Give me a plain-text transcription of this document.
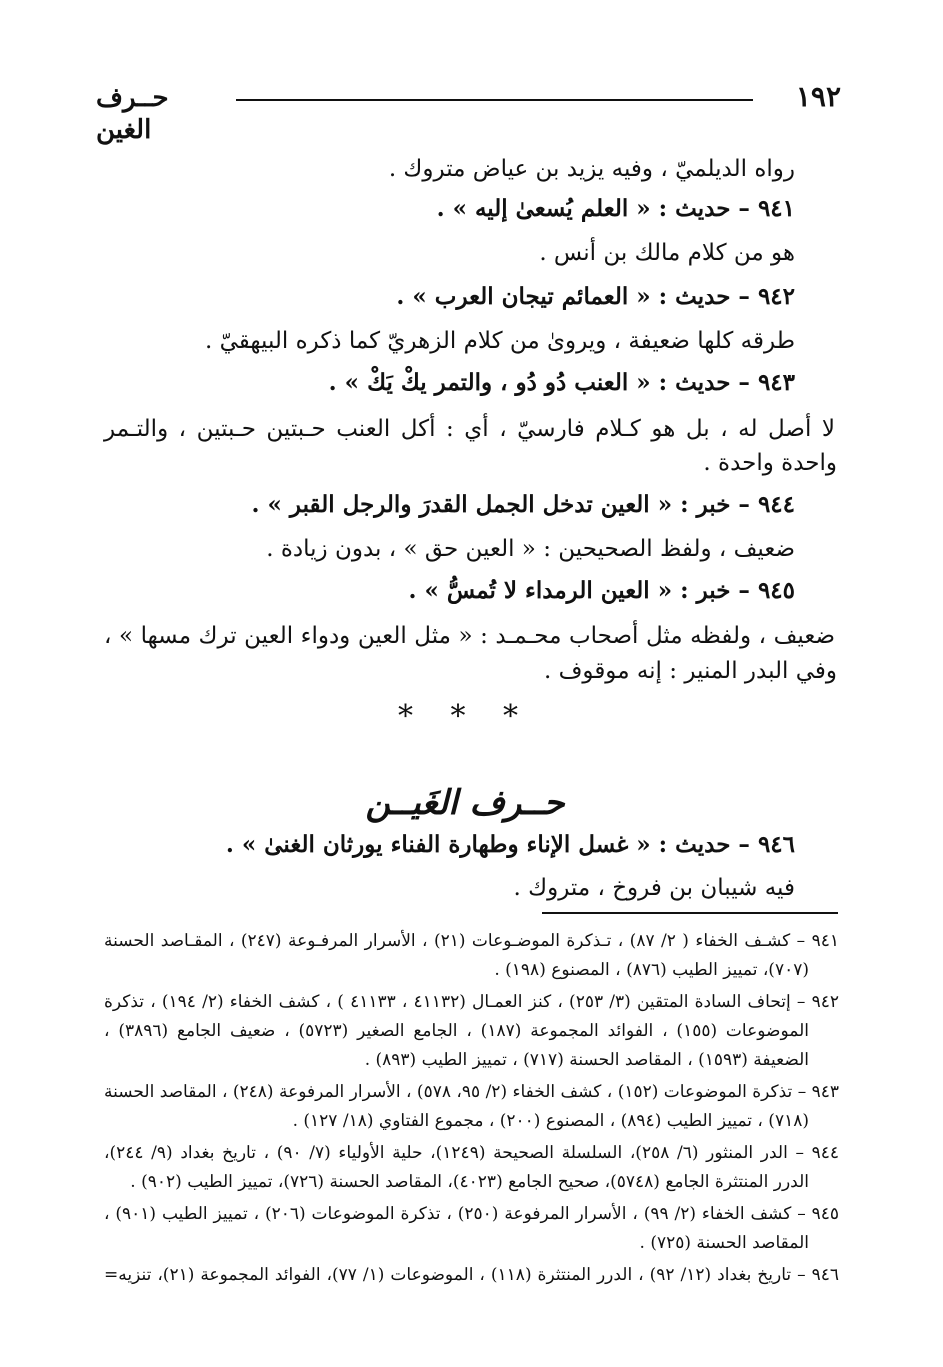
١٩٢
حــرف الغين
رواه الديلميّ ، وفيه يزيد بن عياض متروك .
٩٤١ – حديث : « العلم يُسعىٰ إليه » .
هو من كلام مالك بن أنس .
٩٤٢ – حديث : « العمائم تيجان العرب » .
طرقه كلها ضعيفة ، ويروىٰ من كلام الزهريّ كما ذكره البيهقيّ .
٩٤٣ – حديث : « العنب دُو دُو ، والتمر يكْ يَكْ » .
لا أصل له ، بل هو كـلام فارسيّ ، أي : أكل العنب حـبتين حـبتين ، والتـمر
واحدة واحدة .
٩٤٤ – خبر : « العين تدخل الجمل القدرَ والرجل القبر » .
ضعيف ، ولفظ الصحيحين : « العين حق » ، بدون زيادة .
٩٤٥ – خبر : « العين الرمداء لا تُمسُّ » .
ضعيف ، ولفظه مثل أصحاب محـمـد : « مثل العين ودواء العين ترك مسها » ،
وفي البدر المنير : إنه موقوف .
* * *
حــرف الغَيــن
٩٤٦ – حديث : « غسل الإناء وطهارة الفناء يورثان الغنىٰ » .
فيه شيبان بن فروخ ، متروك .
٩٤١ – كشـف الخفاء ( ٢/ ٨٧) ، تـذكرة الموضـوعات (٢١) ، الأسرار المرفـوعة (٢٤٧) ، المقـاصد الحسنة
(٧٠٧)، تمييز الطيب (٨٧٦) ، المصنوع (١٩٨) .
٩٤٢ – إتحاف السادة المتقين (٣/ ٢٥٣) ، كنز العمـال (٤١١٣٢ ، ٤١١٣٣ ) ، كشف الخفاء (٢/ ١٩٤) ، تذكرة
الموضوعات (١٥٥) ، الفوائد المجموعة (١٨٧) ، الجامع الصغير (٥٧٢٣) ، ضعيف الجامع (٣٨٩٦) ،
الضعيفة (١٥٩٣) ، المقاصد الحسنة (٧١٧) ، تمييز الطيب (٨٩٣) .
٩٤٣ – تذكرة الموضوعات (١٥٢) ، كشف الخفاء (٢/ ٩٥، ٥٧٨) ، الأسرار المرفوعة (٢٤٨) ، المقاصد الحسنة
(٧١٨) ، تمييز الطيب (٨٩٤) ، المصنوع (٢٠٠) ، مجموع الفتاوي (١٨/ ١٢٧) .
٩٤٤ – الدر المنثور (٦/ ٢٥٨)، السلسلة الصحيحة (١٢٤٩)، حلية الأولياء (٧/ ٩٠) ، تاريخ بغداد (٩/ ٢٤٤)،
الدرر المنتثرة الجامع (٥٧٤٨)، صحيح الجامع (٤٠٢٣)، المقاصد الحسنة (٧٢٦)، تمييز الطيب (٩٠٢) .
٩٤٥ – كشف الخفاء (٢/ ٩٩) ، الأسرار المرفوعة (٢٥٠) ، تذكرة الموضوعات (٢٠٦) ، تمييز الطيب (٩٠١) ،
المقاصد الحسنة (٧٢٥) .
٩٤٦ – تاريخ بغداد (١٢/ ٩٢) ، الدرر المنتثرة (١١٨) ، الموضوعات (١/ ٧٧)، الفوائد المجموعة (٢١)، تنزيه=
